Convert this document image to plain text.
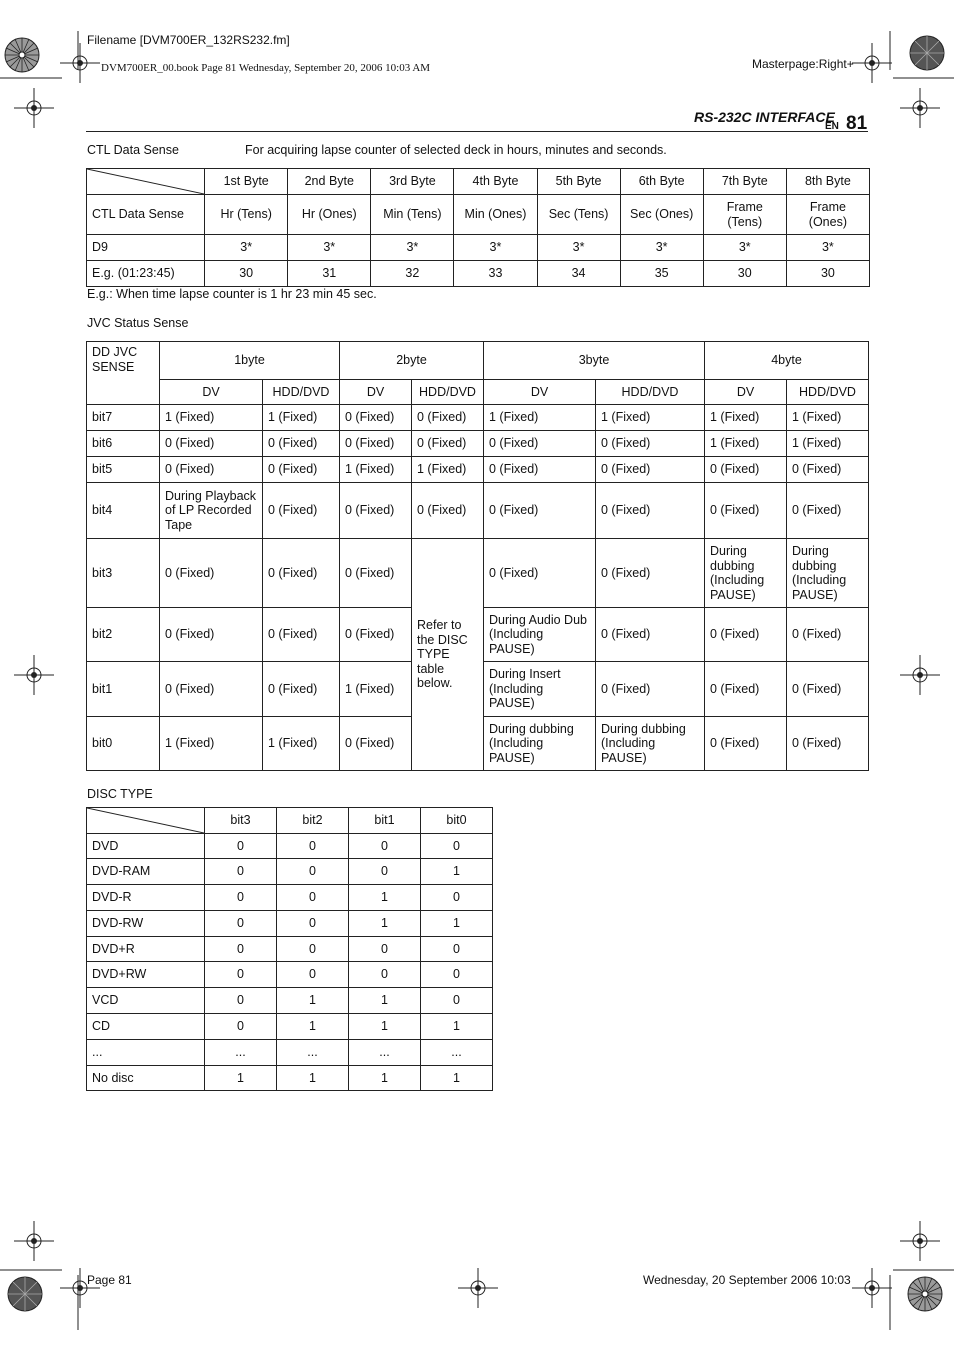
Filename [DVM700ER_132RS232.fm]
DVM700ER_00.book Page 81 Wednesday, September 20, 2006 10:03 AM	Masterpage:Right+
RS-232C INTERFACE
EN 81
CTL Data Sense	For acquiring lapse counter of selected deck in hours, minutes and seconds.
	1st Byte	2nd Byte	3rd Byte	4th Byte	5th Byte	6th Byte	7th Byte	8th Byte
CTL Data Sense	Hr (Tens)	Hr (Ones)	Min (Tens)	Min (Ones)	Sec (Tens)	Sec (Ones)	Frame (Tens)	Frame (Ones)
D9	3*	3*	3*	3*	3*	3*	3*	3*
E.g. (01:23:45)	30	31	32	33	34	35	30	30
E.g.: When time lapse counter is 1 hr 23 min 45 sec.
JVC Status Sense
DD JVC SENSE	1byte		2byte		3byte		4byte	
	DV	HDD/DVD	DV	HDD/DVD	DV	HDD/DVD	DV	HDD/DVD
bit7	1 (Fixed)	1 (Fixed)	0 (Fixed)	0 (Fixed)	1 (Fixed)	1 (Fixed)	1 (Fixed)	1 (Fixed)
bit6	0 (Fixed)	0 (Fixed)	0 (Fixed)	0 (Fixed)	0 (Fixed)	0 (Fixed)	1 (Fixed)	1 (Fixed)
bit5	0 (Fixed)	0 (Fixed)	1 (Fixed)	1 (Fixed)	0 (Fixed)	0 (Fixed)	0 (Fixed)	0 (Fixed)
bit4	During Playback of LP Recorded Tape	0 (Fixed)	0 (Fixed)	0 (Fixed)	0 (Fixed)	0 (Fixed)	0 (Fixed)	0 (Fixed)
bit3	0 (Fixed)	0 (Fixed)	0 (Fixed)	Refer to the DISC TYPE table below.	0 (Fixed)	0 (Fixed)	During dubbing (Including PAUSE)	During dubbing (Including PAUSE)
bit2	0 (Fixed)	0 (Fixed)	0 (Fixed)		During Audio Dub (Including PAUSE)	0 (Fixed)	0 (Fixed)	0 (Fixed)
bit1	0 (Fixed)	0 (Fixed)	1 (Fixed)		During Insert (Including PAUSE)	0 (Fixed)	0 (Fixed)	0 (Fixed)
bit0	1 (Fixed)	1 (Fixed)	0 (Fixed)		During dubbing (Including PAUSE)	During dubbing (Including PAUSE)	0 (Fixed)	0 (Fixed)
DISC TYPE
	bit3	bit2	bit1	bit0
DVD	0	0	0	0
DVD-RAM	0	0	0	1
DVD-R	0	0	1	0
DVD-RW	0	0	1	1
DVD+R	0	0	0	0
DVD+RW	0	0	0	0
VCD	0	1	1	0
CD	0	1	1	1
...	...	...	...	...
No disc	1	1	1	1
Page 81	Wednesday, 20 September 2006 10:03
